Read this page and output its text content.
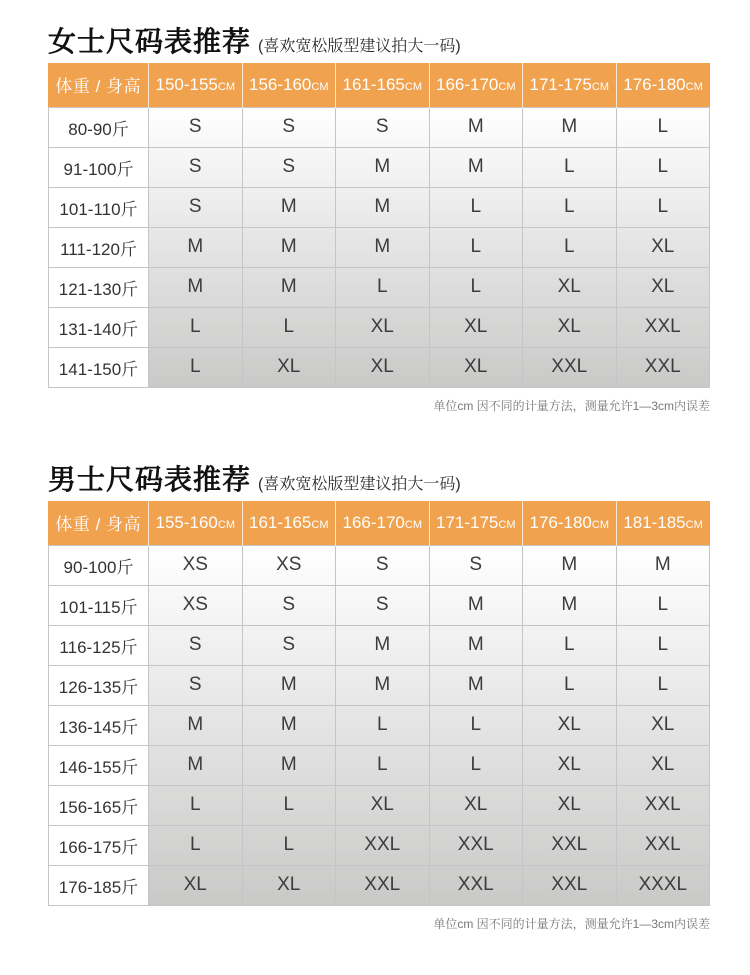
女士尺码表推荐 (喜欢宽松版型建议拍大一码)
体重 / 身高	150-155CM	156-160CM	161-165CM	166-170CM	171-175CM	176-180CM
80-90斤	S	S	S	M	M	L
91-100斤	S	S	M	M	L	L
101-110斤	S	M	M	L	L	L
111-120斤	M	M	M	L	L	XL
121-130斤	M	M	L	L	XL	XL
131-140斤	L	L	XL	XL	XL	XXL
141-150斤	L	XL	XL	XL	XXL	XXL
单位cm 因不同的计量方法，测量允许1—3cm内误差
男士尺码表推荐 (喜欢宽松版型建议拍大一码)
体重 / 身高	155-160CM	161-165CM	166-170CM	171-175CM	176-180CM	181-185CM
90-100斤	XS	XS	S	S	M	M
101-115斤	XS	S	S	M	M	L
116-125斤	S	S	M	M	L	L
126-135斤	S	M	M	M	L	L
136-145斤	M	M	L	L	XL	XL
146-155斤	M	M	L	L	XL	XL
156-165斤	L	L	XL	XL	XL	XXL
166-175斤	L	L	XXL	XXL	XXL	XXL
176-185斤	XL	XL	XXL	XXL	XXL	XXXL
单位cm 因不同的计量方法，测量允许1—3cm内误差
